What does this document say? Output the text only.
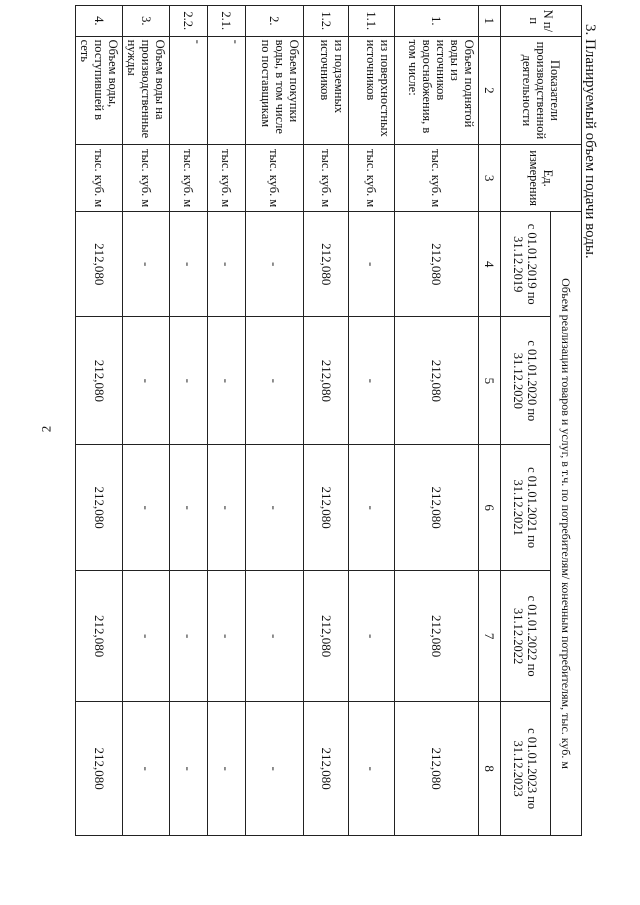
2
3. Планируемый объем подачи воды.
N п/п	Показатели производственной деятельности	Ед. измерения	Объем реализации товаров и услуг, в т.ч. по потребителям/ конечным потребителям, тыс. куб. м				
			с 01.01.2019 по 31.12.2019	с 01.01.2020 по 31.12.2020	с 01.01.2021 по 31.12.2021	с 01.01.2022 по 31.12.2022	с 01.01.2023 по 31.12.2023
1	2	3	4	5	6	7	8
1.	Объем поднятой воды из источников водоснабжения, в том числе:	тыс. куб. м	212,080	212,080	212,080	212,080	212,080
1.1.	из поверхностных источников	тыс. куб. м	-	-	-	-	-
1.2.	из подземных источников	тыс. куб. м	212,080	212,080	212,080	212,080	212,080
2.	Объем покупки воды, в том числе по поставщикам	тыс. куб. м	-	-	-	-	-
2.1.	-	тыс. куб. м	-	-	-	-	-
2.2.	-	тыс. куб. м	-	-	-	-	-
3.	Объем воды на производственные нужды	тыс. куб. м	-	-	-	-	-
4.	Объем воды, поступившей в сеть	тыс. куб. м	212,080	212,080	212,080	212,080	212,080
